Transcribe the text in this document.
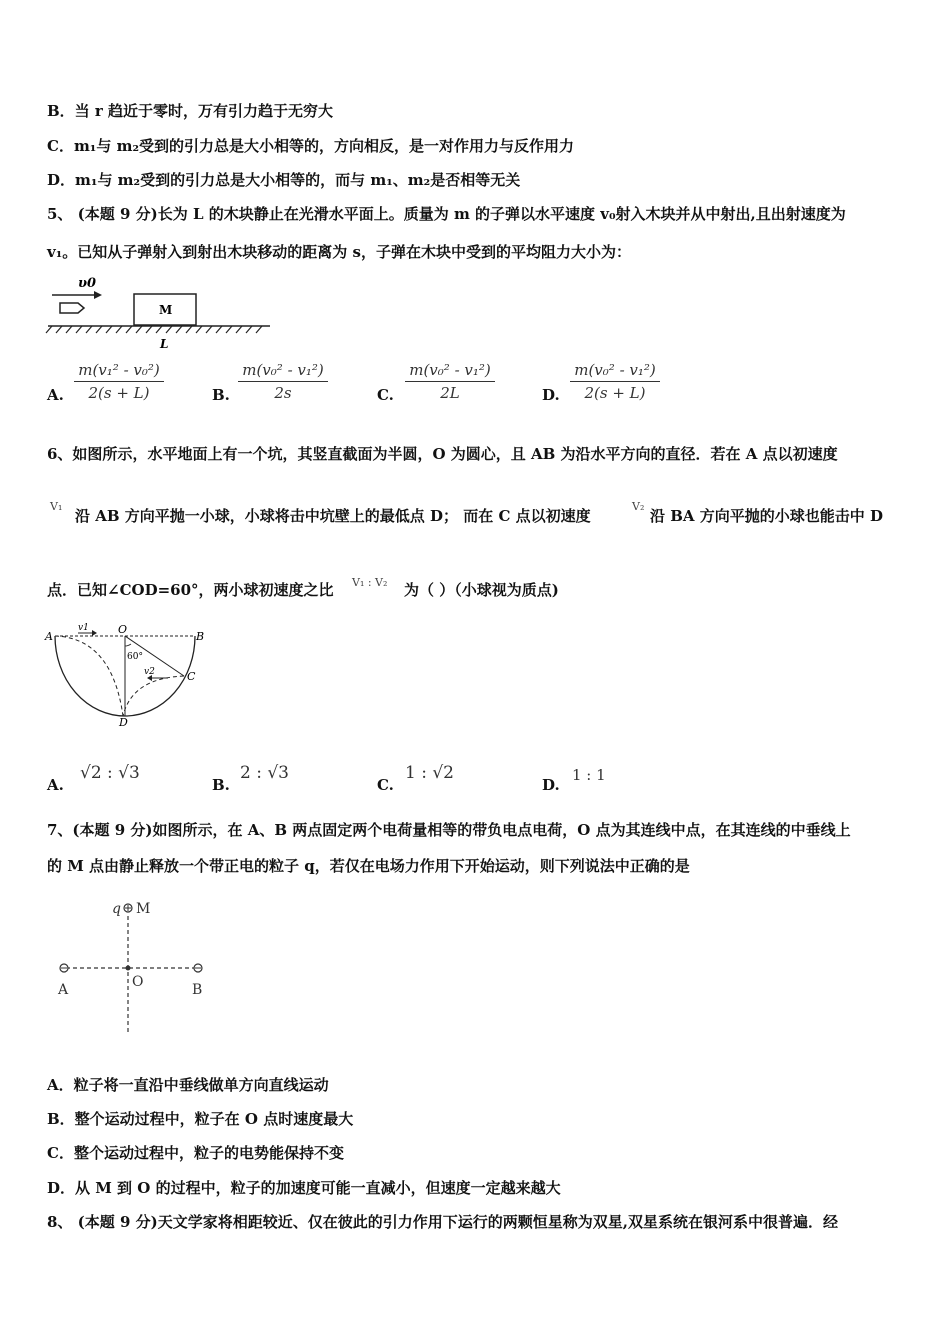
B．当 r 趋近于零时，万有引力趋于无穷大
C．m₁与 m₂受到的引力总是大小相等的，方向相反，是一对作用力与反作用力
D．m₁与 m₂受到的引力总是大小相等的，而与 m₁、m₂是否相等无关
5、 (本题 9 分)长为 L 的木块静止在光滑水平面上。质量为 m 的子弹以水平速度 v₀射入木块并从中射出,且出射速度为
v₁。已知从子弹射入到射出木块移动的距离为 s，子弹在木块中受到的平均阻力大小为：
υ0
M
L
A.
m(v₁² - v₀²)
2(s + L)	B.
m(v₀² - v₁²)
2s	C.
m(v₀² - v₁²)
2L	D.
m(v₀² - v₁²)
2(s + L)
6、如图所示，水平地面上有一个坑，其竖直截面为半圆，O 为圆心，且 AB 为沿水平方向的直径．若在 A 点以初速度
V₁
沿 AB 方向平抛一小球，小球将击中坑壁上的最低点 D； 而在 C 点以初速度
V₂
沿 BA 方向平抛的小球也能击中 D
点．已知∠COD=60°，两小球初速度之比 V₁ : V₂ 为（ ）（小球视为质点)
A
v1	O
B
60°
v2	C
D
A.
√2 : √3
B.
2 : √3
C.
1 : √2
D.
1 : 1
7、(本题 9 分)如图所示，在 A、B 两点固定两个电荷量相等的带负电点电荷，O 点为其连线中点，在其连线的中垂线上
的 M 点由静止释放一个带正电的粒子 q，若仅在电场力作用下开始运动，则下列说法中正确的是
q M
A	O	B
A．粒子将一直沿中垂线做单方向直线运动
B．整个运动过程中，粒子在 O 点时速度最大
C．整个运动过程中，粒子的电势能保持不变
D．从 M 到 O 的过程中，粒子的加速度可能一直减小，但速度一定越来越大
8、 (本题 9 分)天文学家将相距较近、仅在彼此的引力作用下运行的两颗恒星称为双星,双星系统在银河系中很普遍．经
